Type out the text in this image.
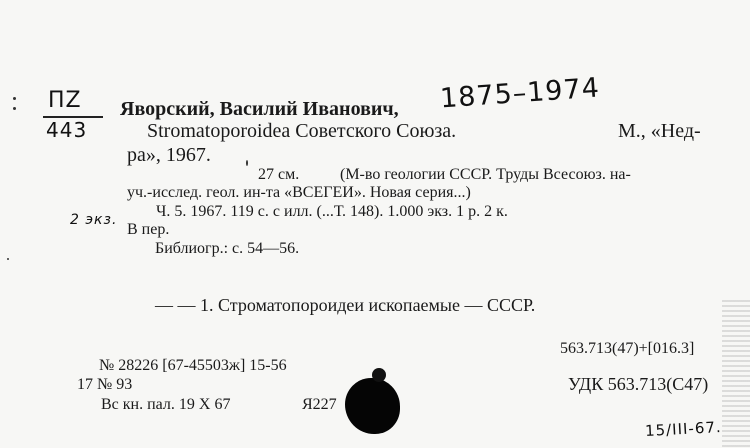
ПZ
443
1875–1974
Яворский, Василий Иванович,
Stromatoporoidea Советского Союза.	М., «Нед-
ра», 1967.
27 см.	(М-во геологии СССР. Труды Всесоюз. на-
уч.-исслед. геол. ин-та «ВСЕГЕИ». Новая серия...)
2 экз. Ч. 5. 1967. 119 с. с илл. (...Т. 148). 1.000 экз. 1 р. 2 к.
В пер.
Библиогр.: с. 54—56.
— — 1. Строматопороидеи ископаемые — СССР.
563.713(47)+[016.3]
№ 28226 [67-45503ж] 15-56
УДК 563.713(С47)
17 № 93
Вс кн. пал. 19 X 67	Я227
15/III-67.
